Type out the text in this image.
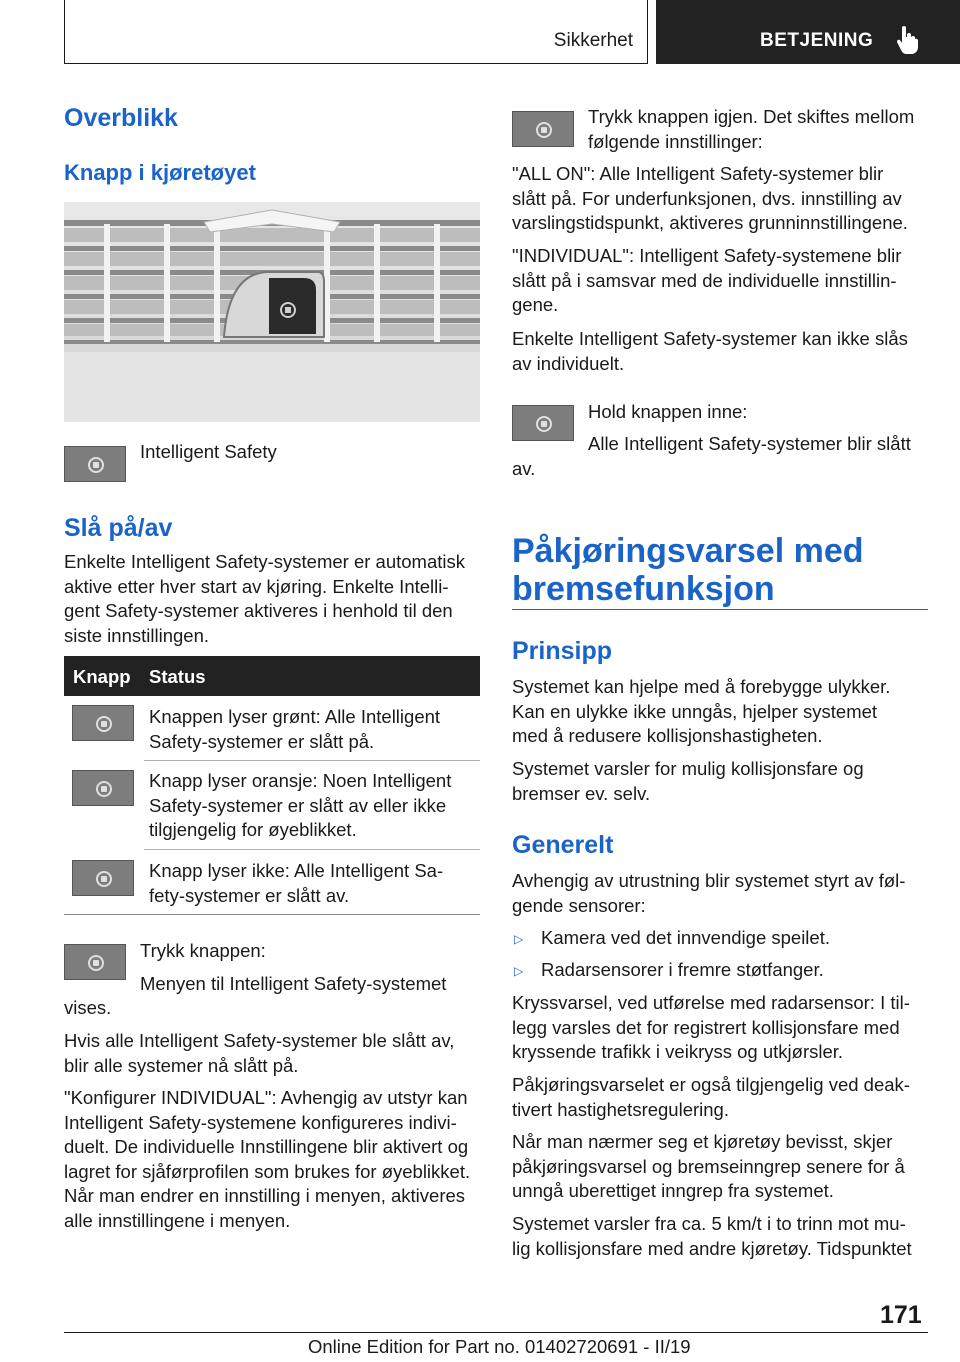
Sikkerhet	BETJENING
Overblikk
Knapp i kjøretøyet

Intelligent Safety

Slå på/av

Enkelte Intelligent Safety-systemer er automatisk
aktive etter hver start av kjøring. Enkelte Intelli-
gent Safety-systemer aktiveres i henhold til den
siste innstillingen.

Knapp Status

Knappen lyser grønt: Alle Intelligent
Safety-systemer er slått på.

Knapp lyser oransje: Noen Intelligent
Safety-systemer er slått av eller ikke
tilgjengelig for øyeblikket.

Knapp lyser ikke: Alle Intelligent Sa-
fety-systemer er slått av.

Trykk knappen:

Menyen til Intelligent Safety-systemet

vises.

Hvis alle Intelligent Safety-systemer ble slått av,
blir alle systemer nå slått på.

"Konfigurer INDIVIDUAL": Avhengig av utstyr kan
Intelligent Safety-systemene konfigureres indivi-
duelt. De individuelle Innstillingene blir aktivert og
lagret for sjåførprofilen som brukes for øyeblikket.
Når man endrer en innstilling i menyen, aktiveres
alle innstillingene i menyen.

Trykk knappen igjen. Det skiftes mellom
følgende innstillinger:

"ALL ON": Alle Intelligent Safety-systemer blir
slått på. For underfunksjonen, dvs. innstilling av
varslingstidspunkt, aktiveres grunninnstillingene.

"INDIVIDUAL": Intelligent Safety-systemene blir
slått på i samsvar med de individuelle innstillin-
gene.

Enkelte Intelligent Safety-systemer kan ikke slås
av individuelt.

Hold knappen inne:

Alle Intelligent Safety-systemer blir slått

av.

Påkjøringsvarsel med
bremsefunksjon
Prinsipp

Systemet kan hjelpe med å forebygge ulykker.
Kan en ulykke ikke unngås, hjelper systemet
med å redusere kollisjonshastigheten.

Systemet varsler for mulig kollisjonsfare og
bremser ev. selv.

Generelt

Avhengig av utrustning blir systemet styrt av føl-
gende sensorer:

▷ Kamera ved det innvendige speilet.

▷ Radarsensorer i fremre støtfanger.

Kryssvarsel, ved utførelse med radarsensor: I til-
legg varsles det for registrert kollisjonsfare med
kryssende trafikk i veikryss og utkjørsler.

Påkjøringsvarselet er også tilgjengelig ved deak-
tivert hastighetsregulering.

Når man nærmer seg et kjøretøy bevisst, skjer
påkjøringsvarsel og bremseinngrep senere for å
unngå uberettiget inngrep fra systemet.

Systemet varsler fra ca. 5 km/t i to trinn mot mu-
lig kollisjonsfare med andre kjøretøy. Tidspunktet

171
Online Edition for Part no. 01402720691 - II/19
